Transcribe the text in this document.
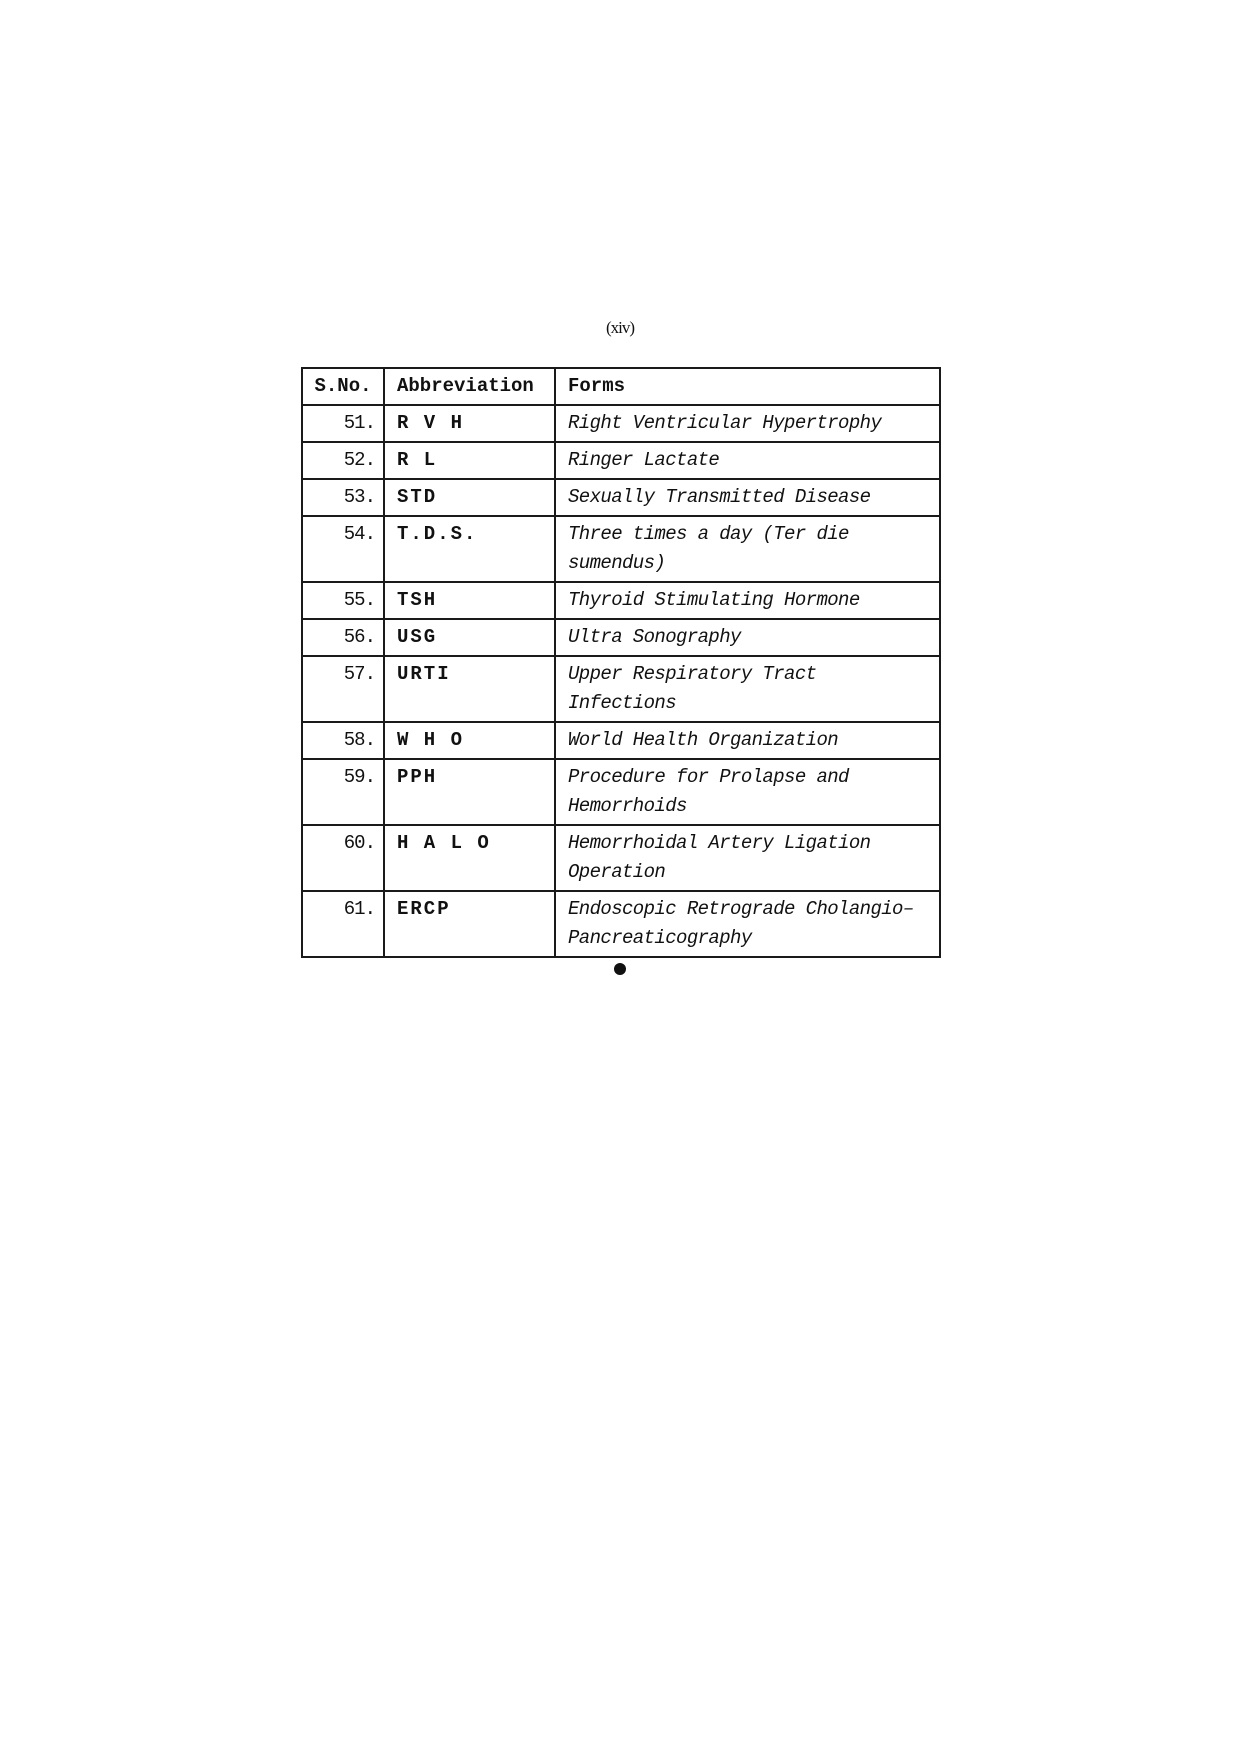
(xiv)
S.No.	Abbreviation	Forms
51.	R V H	Right Ventricular Hypertrophy
52.	R L	Ringer Lactate
53.	STD	Sexually Transmitted Disease
54.	T.D.S.	Three times a day (Ter die sumendus)
55.	TSH	Thyroid Stimulating Hormone
56.	USG	Ultra Sonography
57.	URTI	Upper Respiratory Tract Infections
58.	W H O	World Health Organization
59.	PPH	Procedure for Prolapse and Hemorrhoids
60.	H A L O	Hemorrhoidal Artery Ligation Operation
61.	ERCP	Endoscopic Retrograde Cholangio–Pancreaticography
